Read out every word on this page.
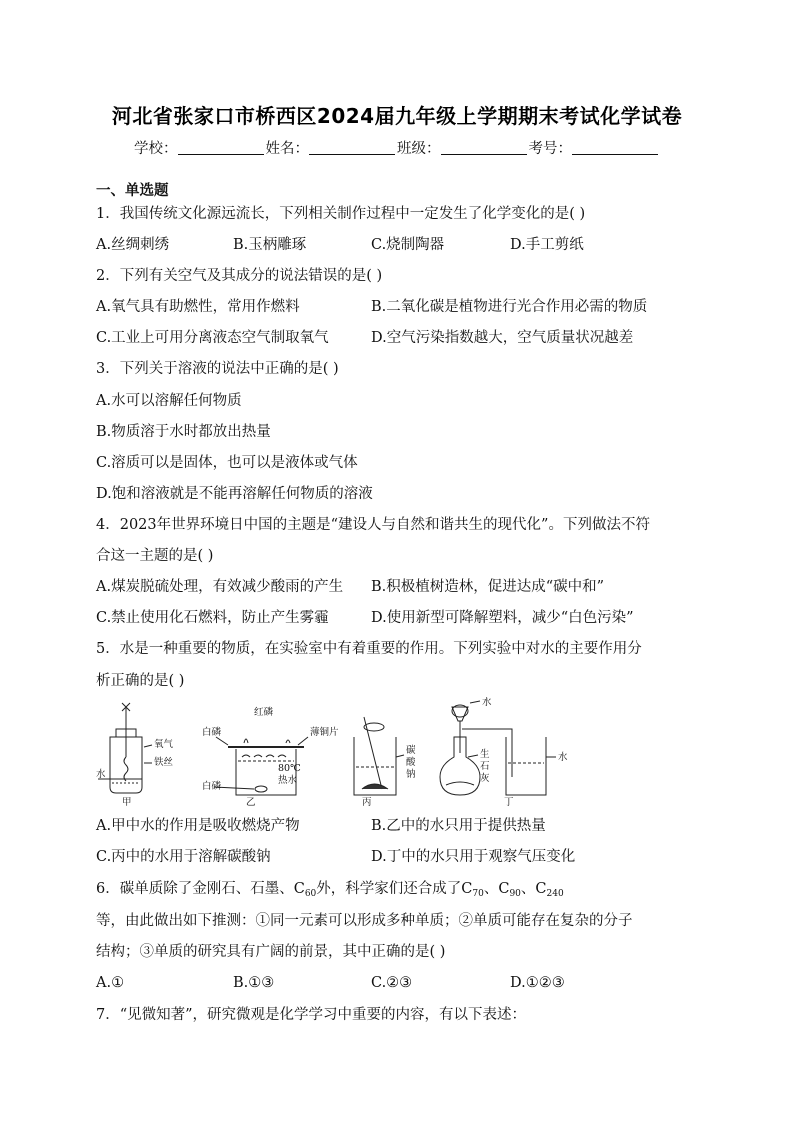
河北省张家口市桥西区2024届九年级上学期期末考试化学试卷
学校：	姓名：	班级：	考号：
一、单选题
1．我国传统文化源远流长，下列相关制作过程中一定发生了化学变化的是( )
A.丝绸刺绣	B.玉柄雕琢	C.烧制陶器	D.手工剪纸
2．下列有关空气及其成分的说法错误的是( )
A.氧气具有助燃性，常用作燃料	B.二氧化碳是植物进行光合作用必需的物质
C.工业上可用分离液态空气制取氧气	D.空气污染指数越大，空气质量状况越差
3．下列关于溶液的说法中正确的是( )
A.水可以溶解任何物质
B.物质溶于水时都放出热量
C.溶质可以是固体，也可以是液体或气体
D.饱和溶液就是不能再溶解任何物质的溶液
4．2023年世界环境日中国的主题是“建设人与自然和谐共生的现代化”。下列做法不符
合这一主题的是( )
A.煤炭脱硫处理，有效减少酸雨的产生 B.积极植树造林，促进达成“碳中和”
C.禁止使用化石燃料，防止产生雾霾	D.使用新型可降解塑料，减少“白色污染”
5．水是一种重要的物质，在实验室中有着重要的作用。下列实验中对水的主要作用分
析正确的是( )
氧气
铁丝
水
甲
红磷
白磷	薄铜片
80℃
热水
白磷
乙
碳
酸
钠
丙
水
生
石
灰
水
丁
A.甲中水的作用是吸收燃烧产物	B.乙中的水只用于提供热量
C.丙中的水用于溶解碳酸钠	D.丁中的水只用于观察气压变化
6．碳单质除了金刚石、石墨、$C_{60}$外，科学家们还合成了$C_{70}$、$C_{90}$、$C_{240}$
等，由此做出如下推测：①同一元素可以形成多种单质；②单质可能存在复杂的分子
结构；③单质的研究具有广阔的前景，其中正确的是( )
A.①	B.①③	C.②③	D.①②③
7．“见微知著”，研究微观是化学学习中重要的内容，有以下表述：
